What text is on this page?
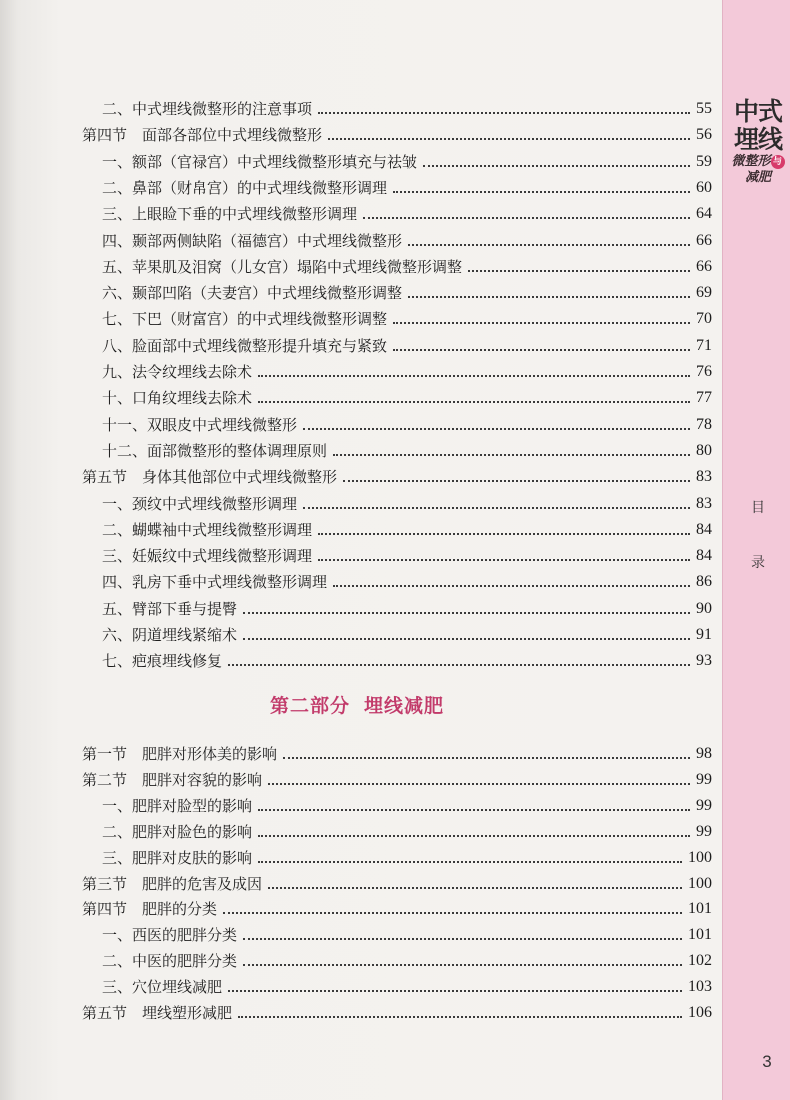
中式
埋线
微整形 与
减肥
目
录
3
二、中式埋线微整形的注意事项	55
第四节　面部各部位中式埋线微整形	56
一、额部（官禄宫）中式埋线微整形填充与祛皱	59
二、鼻部（财帛宫）的中式埋线微整形调理	60
三、上眼睑下垂的中式埋线微整形调理	64
四、颞部两侧缺陷（福德宫）中式埋线微整形	66
五、苹果肌及泪窝（儿女宫）塌陷中式埋线微整形调整	66
六、颞部凹陷（夫妻宫）中式埋线微整形调整	69
七、下巴（财富宫）的中式埋线微整形调整	70
八、脸面部中式埋线微整形提升填充与紧致	71
九、法令纹埋线去除术	76
十、口角纹埋线去除术	77
十一、双眼皮中式埋线微整形	78
十二、面部微整形的整体调理原则	80
第五节　身体其他部位中式埋线微整形	83
一、颈纹中式埋线微整形调理	83
二、蝴蝶袖中式埋线微整形调理	84
三、妊娠纹中式埋线微整形调理	84
四、乳房下垂中式埋线微整形调理	86
五、臂部下垂与提臀	90
六、阴道埋线紧缩术	91
七、疤痕埋线修复	93
第二部分 埋线减肥
第一节　肥胖对形体美的影响	98
第二节　肥胖对容貌的影响	99
一、肥胖对脸型的影响	99
二、肥胖对脸色的影响	99
三、肥胖对皮肤的影响	100
第三节　肥胖的危害及成因	100
第四节　肥胖的分类	101
一、西医的肥胖分类	101
二、中医的肥胖分类	102
三、穴位埋线减肥	103
第五节　埋线塑形减肥	106
